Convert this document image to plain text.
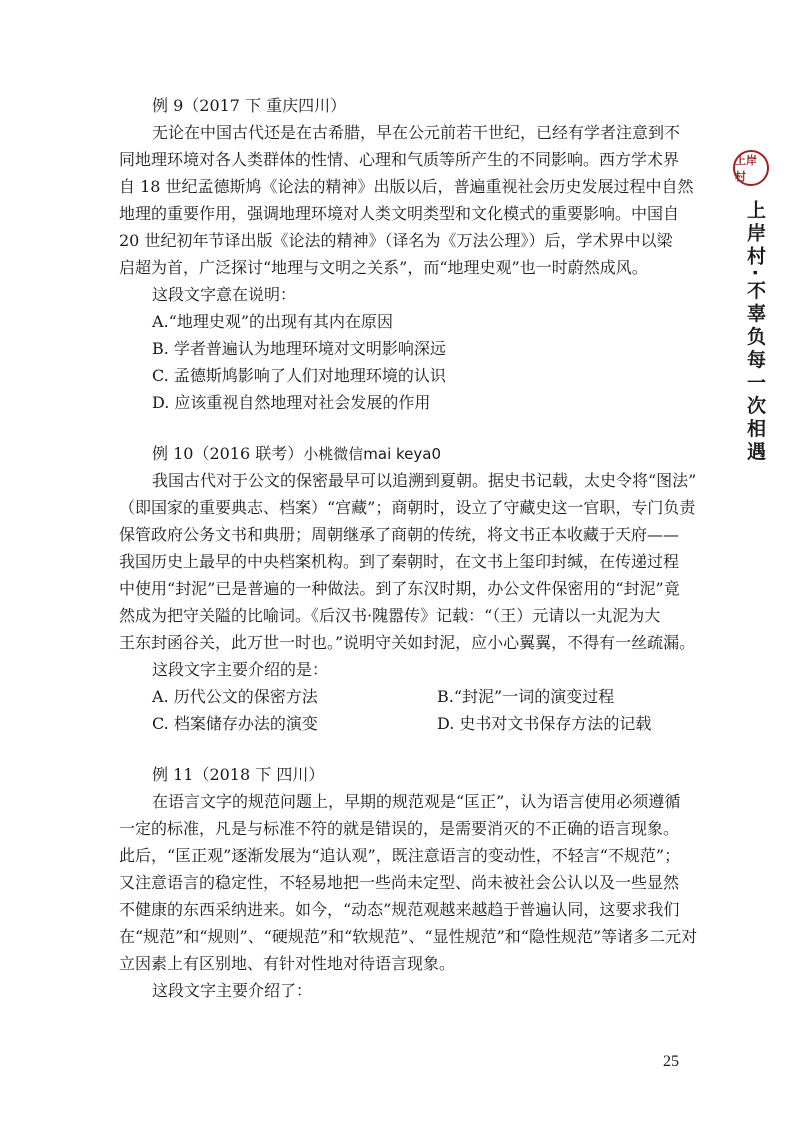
例 9（2017 下 重庆四川）
无论在中国古代还是在古希腊，早在公元前若干世纪，已经有学者注意到不
同地理环境对各人类群体的性情、心理和气质等所产生的不同影响。西方学术界
自 18 世纪孟德斯鸠《论法的精神》出版以后，普遍重视社会历史发展过程中自然
地理的重要作用，强调地理环境对人类文明类型和文化模式的重要影响。中国自
20 世纪初年节译出版《论法的精神》（译名为《万法公理》）后，学术界中以梁
启超为首，广泛探讨“地理与文明之关系”，而“地理史观”也一时蔚然成风。
这段文字意在说明：
A.“地理史观”的出现有其内在原因
B. 学者普遍认为地理环境对文明影响深远
C. 孟德斯鸠影响了人们对地理环境的认识
D. 应该重视自然地理对社会发展的作用
例 10（2016 联考）小桃微信mai keya0
我国古代对于公文的保密最早可以追溯到夏朝。据史书记载，太史令将“图法”
（即国家的重要典志、档案）“宫藏”；商朝时，设立了守藏史这一官职，专门负责
保管政府公务文书和典册；周朝继承了商朝的传统，将文书正本收藏于天府——
我国历史上最早的中央档案机构。到了秦朝时，在文书上玺印封缄，在传递过程
中使用“封泥”已是普遍的一种做法。到了东汉时期，办公文件保密用的“封泥”竟
然成为把守关隘的比喻词。《后汉书·隗嚣传》记载：“（王）元请以一丸泥为大
王东封函谷关，此万世一时也。”说明守关如封泥，应小心翼翼，不得有一丝疏漏。
这段文字主要介绍的是：
A. 历代公文的保密方法	B.“封泥”一词的演变过程
C. 档案储存办法的演变	D. 史书对文书保存方法的记载
例 11（2018 下 四川）
在语言文字的规范问题上，早期的规范观是“匡正”，认为语言使用必须遵循
一定的标准，凡是与标准不符的就是错误的，是需要消灭的不正确的语言现象。
此后，“匡正观”逐渐发展为“追认观”，既注意语言的变动性，不轻言“不规范”；
又注意语言的稳定性，不轻易地把一些尚未定型、尚未被社会公认以及一些显然
不健康的东西采纳进来。如今，“动态”规范观越来越趋于普遍认同，这要求我们
在“规范”和“规则”、“硬规范”和“软规范”、“显性规范”和“隐性规范”等诸多二元对
立因素上有区别地、有针对性地对待语言现象。
这段文字主要介绍了：
上岸村
上岸村·不辜负每一次相遇
25
